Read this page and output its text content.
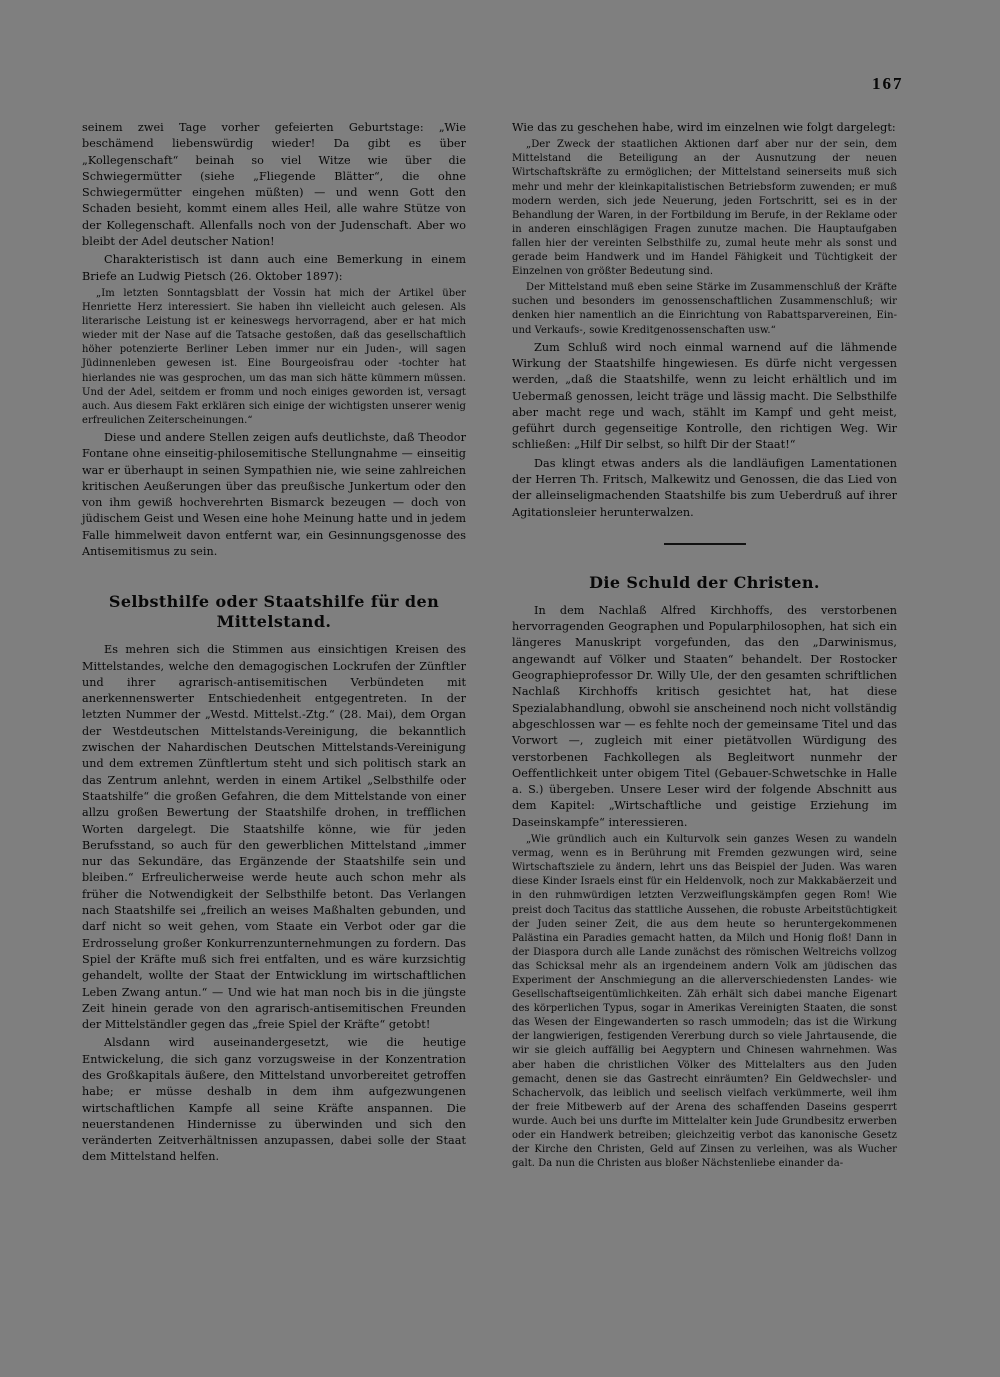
167

seinem zwei Tage vorher gefeierten Geburtstage: „Wie beschämend liebenswürdig wieder! Da gibt es über „Kollegenschaft“ beinah so viel Witze wie über die Schwiegermütter (siehe „Fliegende Blätter“, die ohne Schwiegermütter eingehen müßten) — und wenn Gott den Schaden besieht, kommt einem alles Heil, alle wahre Stütze von der Kollegenschaft. Allenfalls noch von der Judenschaft. Aber wo bleibt der Adel deutscher Nation!

Charakteristisch ist dann auch eine Bemerkung in einem Briefe an Ludwig Pietsch (26. Oktober 1897):

„Im letzten Sonntagsblatt der Vossin hat mich der Artikel über Henriette Herz interessiert. Sie haben ihn vielleicht auch gelesen. Als literarische Leistung ist er keineswegs hervorragend, aber er hat mich wieder mit der Nase auf die Tatsache gestoßen, daß das gesellschaftlich höher potenzierte Berliner Leben immer nur ein Juden-, will sagen Jüdinnenleben gewesen ist. Eine Bourgeoisfrau oder -tochter hat hierlandes nie was gesprochen, um das man sich hätte kümmern müssen. Und der Adel, seitdem er fromm und noch einiges geworden ist, versagt auch. Aus diesem Fakt erklären sich einige der wichtigsten unserer wenig erfreulichen Zeiterscheinungen.“

Diese und andere Stellen zeigen aufs deutlichste, daß Theodor Fontane ohne einseitig-philosemitische Stellungnahme — einseitig war er überhaupt in seinen Sympathien nie, wie seine zahlreichen kritischen Aeußerungen über das preußische Junkertum oder den von ihm gewiß hochverehrten Bismarck bezeugen — doch von jüdischem Geist und Wesen eine hohe Meinung hatte und in jedem Falle himmelweit davon entfernt war, ein Gesinnungsgenosse des Antisemitismus zu sein.

Selbsthilfe oder Staatshilfe für den Mittelstand.

Es mehren sich die Stimmen aus einsichtigen Kreisen des Mittelstandes, welche den demagogischen Lockrufen der Zünftler und ihrer agrarisch-antisemitischen Verbündeten mit anerkennenswerter Entschiedenheit entgegentreten. In der letzten Nummer der „Westd. Mittelst.-Ztg.“ (28. Mai), dem Organ der Westdeutschen Mittelstands-Vereinigung, die bekanntlich zwischen der Nahardischen Deutschen Mittelstands-Vereinigung und dem extremen Zünftlertum steht und sich politisch stark an das Zentrum anlehnt, werden in einem Artikel „Selbsthilfe oder Staatshilfe“ die großen Gefahren, die dem Mittelstande von einer allzu großen Bewertung der Staatshilfe drohen, in trefflichen Worten dargelegt. Die Staatshilfe könne, wie für jeden Berufsstand, so auch für den gewerblichen Mittelstand „immer nur das Sekundäre, das Ergänzende der Staatshilfe sein und bleiben.“ Erfreulicherweise werde heute auch schon mehr als früher die Notwendigkeit der Selbsthilfe betont. Das Verlangen nach Staatshilfe sei „freilich an weises Maßhalten gebunden, und darf nicht so weit gehen, vom Staate ein Verbot oder gar die Erdrosselung großer Konkurrenzunternehmungen zu fordern. Das Spiel der Kräfte muß sich frei entfalten, und es wäre kurzsichtig gehandelt, wollte der Staat der Entwicklung im wirtschaftlichen Leben Zwang antun.“ — Und wie hat man noch bis in die jüngste Zeit hinein gerade von den agrarisch-antisemitischen Freunden der Mittelständler gegen das „freie Spiel der Kräfte“ getobt!

Alsdann wird auseinandergesetzt, wie die heutige Entwickelung, die sich ganz vorzugsweise in der Konzentration des Großkapitals äußere, den Mittelstand unvorbereitet getroffen habe; er müsse deshalb in dem ihm aufgezwungenen wirtschaftlichen Kampfe all seine Kräfte anspannen. Die neuerstandenen Hindernisse zu überwinden und sich den veränderten Zeitverhältnissen anzupassen, dabei solle der Staat dem Mittelstand helfen.

Wie das zu geschehen habe, wird im einzelnen wie folgt dargelegt:

„Der Zweck der staatlichen Aktionen darf aber nur der sein, dem Mittelstand die Beteiligung an der Ausnutzung der neuen Wirtschaftskräfte zu ermöglichen; der Mittelstand seinerseits muß sich mehr und mehr der kleinkapitalistischen Betriebsform zuwenden; er muß modern werden, sich jede Neuerung, jeden Fortschritt, sei es in der Behandlung der Waren, in der Fortbildung im Berufe, in der Reklame oder in anderen einschlägigen Fragen zunutze machen. Die Hauptaufgaben fallen hier der vereinten Selbsthilfe zu, zumal heute mehr als sonst und gerade beim Handwerk und im Handel Fähigkeit und Tüchtigkeit der Einzelnen von größter Bedeutung sind.

Der Mittelstand muß eben seine Stärke im Zusammenschluß der Kräfte suchen und besonders im genossenschaftlichen Zusammenschluß; wir denken hier namentlich an die Einrichtung von Rabattsparvereinen, Ein- und Verkaufs-, sowie Kreditgenossenschaften usw.“

Zum Schluß wird noch einmal warnend auf die lähmende Wirkung der Staatshilfe hingewiesen. Es dürfe nicht vergessen werden, „daß die Staatshilfe, wenn zu leicht erhältlich und im Uebermaß genossen, leicht träge und lässig macht. Die Selbsthilfe aber macht rege und wach, stählt im Kampf und geht meist, geführt durch gegenseitige Kontrolle, den richtigen Weg. Wir schließen: „Hilf Dir selbst, so hilft Dir der Staat!“

Das klingt etwas anders als die landläufigen Lamentationen der Herren Th. Fritsch, Malkewitz und Genossen, die das Lied von der alleinseligmachenden Staatshilfe bis zum Ueberdruß auf ihrer Agitationsleier herunterwalzen.

Die Schuld der Christen.

In dem Nachlaß Alfred Kirchhoffs, des verstorbenen hervorragenden Geographen und Popularphilosophen, hat sich ein längeres Manuskript vorgefunden, das den „Darwinismus, angewandt auf Völker und Staaten“ behandelt. Der Rostocker Geographieprofessor Dr. Willy Ule, der den gesamten schriftlichen Nachlaß Kirchhoffs kritisch gesichtet hat, hat diese Spezialabhandlung, obwohl sie anscheinend noch nicht vollständig abgeschlossen war — es fehlte noch der gemeinsame Titel und das Vorwort —, zugleich mit einer pietätvollen Würdigung des verstorbenen Fachkollegen als Begleitwort nunmehr der Oeffentlichkeit unter obigem Titel (Gebauer-Schwetschke in Halle a. S.) übergeben. Unsere Leser wird der folgende Abschnitt aus dem Kapitel: „Wirtschaftliche und geistige Erziehung im Daseinskampfe“ interessieren.

„Wie gründlich auch ein Kulturvolk sein ganzes Wesen zu wandeln vermag, wenn es in Berührung mit Fremden gezwungen wird, seine Wirtschaftsziele zu ändern, lehrt uns das Beispiel der Juden. Was waren diese Kinder Israels einst für ein Heldenvolk, noch zur Makkabäerzeit und in den ruhmwürdigen letzten Verzweiflungskämpfen gegen Rom! Wie preist doch Tacitus das stattliche Aussehen, die robuste Arbeitstüchtigkeit der Juden seiner Zeit, die aus dem heute so heruntergekommenen Palästina ein Paradies gemacht hatten, da Milch und Honig floß! Dann in der Diaspora durch alle Lande zunächst des römischen Weltreichs vollzog das Schicksal mehr als an irgendeinem andern Volk am jüdischen das Experiment der Anschmiegung an die allerverschiedensten Landes- wie Gesellschaftseigentümlichkeiten. Zäh erhält sich dabei manche Eigenart des körperlichen Typus, sogar in Amerikas Vereinigten Staaten, die sonst das Wesen der Eingewanderten so rasch ummodeln; das ist die Wirkung der langwierigen, festigenden Vererbung durch so viele Jahrtausende, die wir sie gleich auffällig bei Aegyptern und Chinesen wahrnehmen. Was aber haben die christlichen Völker des Mittelalters aus den Juden gemacht, denen sie das Gastrecht einräumten? Ein Geldwechsler- und Schachervolk, das leiblich und seelisch vielfach verkümmerte, weil ihm der freie Mitbewerb auf der Arena des schaffenden Daseins gesperrt wurde. Auch bei uns durfte im Mittelalter kein Jude Grundbesitz erwerben oder ein Handwerk betreiben; gleichzeitig verbot das kanonische Gesetz der Kirche den Christen, Geld auf Zinsen zu verleihen, was als Wucher galt. Da nun die Christen aus bloßer Nächstenliebe einander da-
